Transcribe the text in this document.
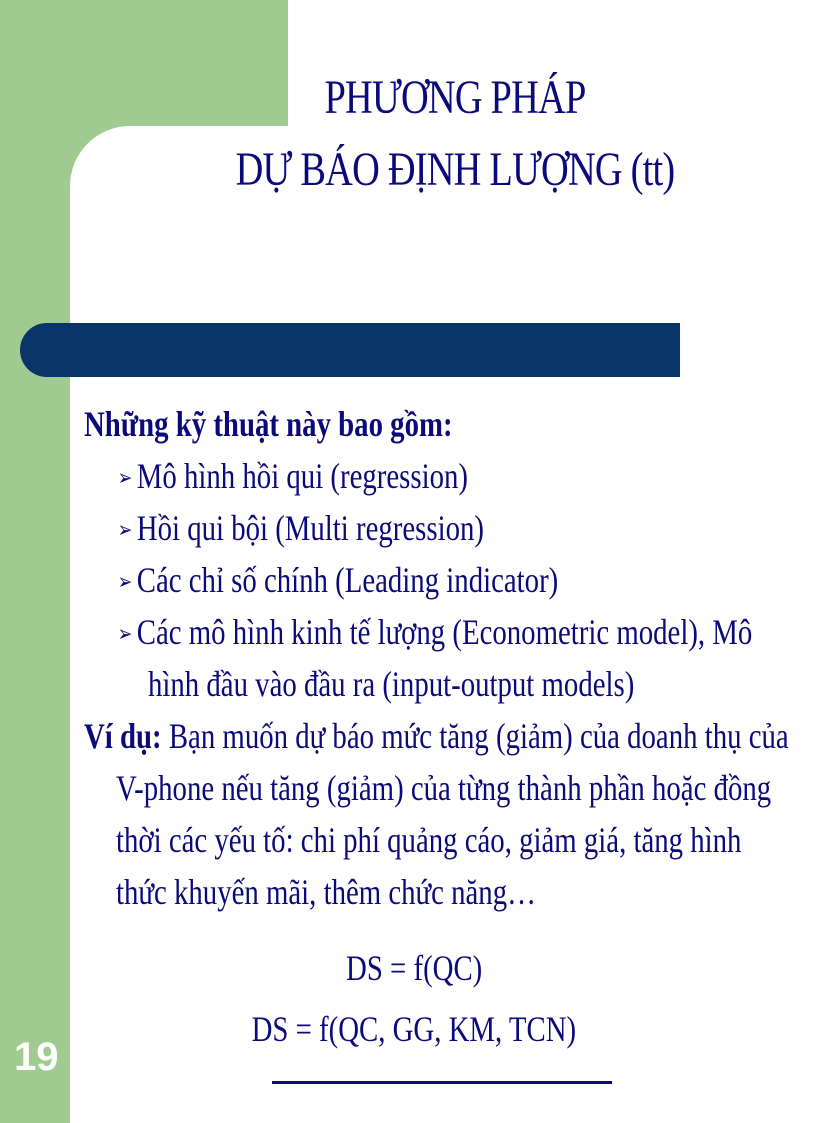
PHƯƠNG PHÁP
DỰ BÁO ĐỊNH LƯỢNG (tt)
Những kỹ thuật này bao gồm:
➢ Mô hình hồi qui (regression)
➢ Hồi qui bội (Multi regression)
➢ Các chỉ số chính (Leading indicator)
➢ Các mô hình kinh tế lượng (Econometric model), Mô
hình đầu vào đầu ra (input-output models)
Ví dụ: Bạn muốn dự báo mức tăng (giảm) của doanh thụ của
V-phone nếu tăng (giảm) của từng thành phần hoặc đồng
thời các yếu tố: chi phí quảng cáo, giảm giá, tăng hình
thức khuyến mãi, thêm chức năng…
DS = f(QC)
DS = f(QC, GG, KM, TCN)
19
